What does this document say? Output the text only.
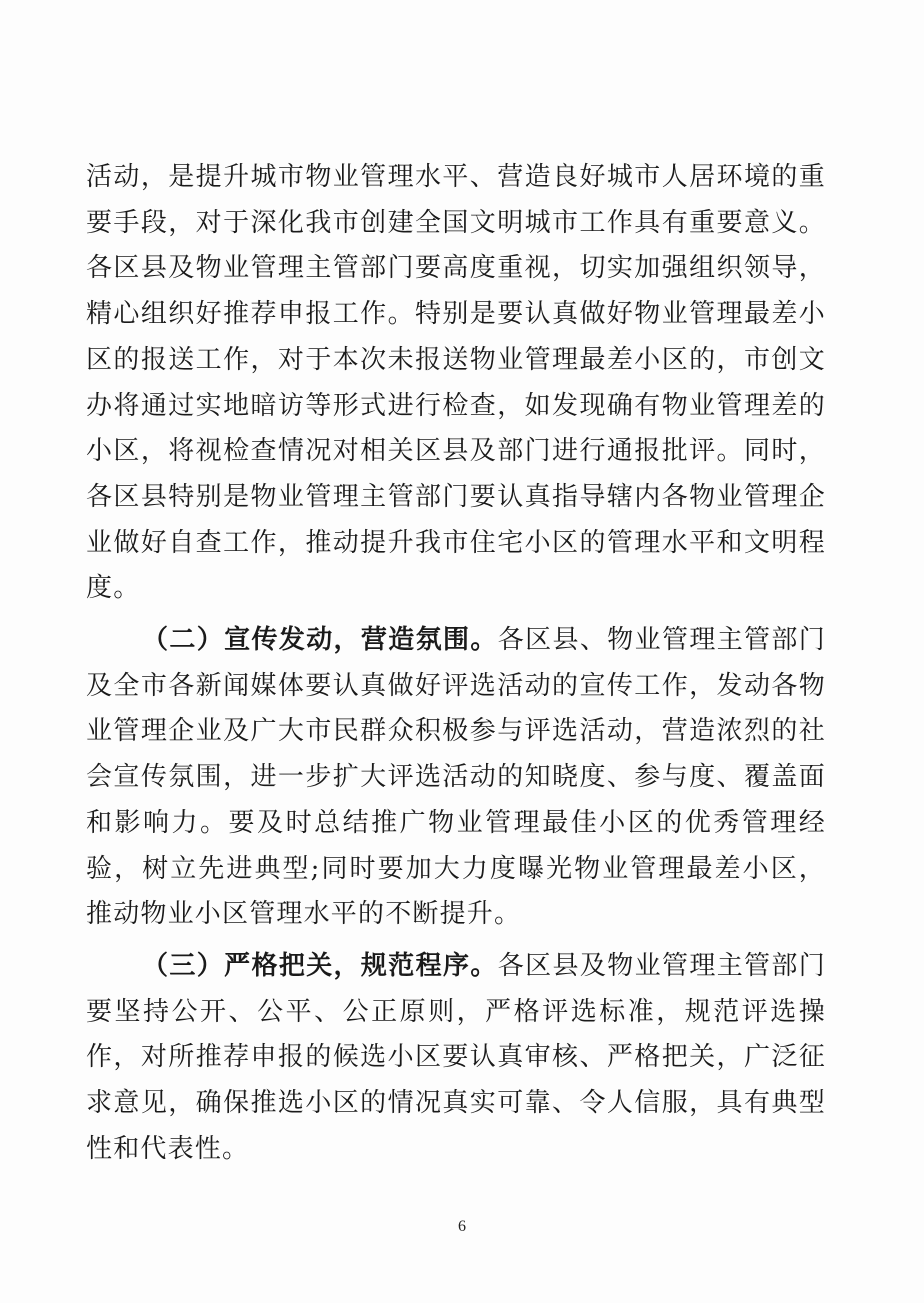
活动，是提升城市物业管理水平、营造良好城市人居环境的重要手段，对于深化我市创建全国文明城市工作具有重要意义。各区县及物业管理主管部门要高度重视，切实加强组织领导，精心组织好推荐申报工作。特别是要认真做好物业管理最差小区的报送工作，对于本次未报送物业管理最差小区的，市创文办将通过实地暗访等形式进行检查，如发现确有物业管理差的小区，将视检查情况对相关区县及部门进行通报批评。同时，各区县特别是物业管理主管部门要认真指导辖内各物业管理企业做好自查工作，推动提升我市住宅小区的管理水平和文明程度。

（二）宣传发动，营造氛围。各区县、物业管理主管部门及全市各新闻媒体要认真做好评选活动的宣传工作，发动各物业管理企业及广大市民群众积极参与评选活动，营造浓烈的社会宣传氛围，进一步扩大评选活动的知晓度、参与度、覆盖面和影响力。要及时总结推广物业管理最佳小区的优秀管理经验，树立先进典型;同时要加大力度曝光物业管理最差小区，推动物业小区管理水平的不断提升。

（三）严格把关，规范程序。各区县及物业管理主管部门要坚持公开、公平、公正原则，严格评选标准，规范评选操作，对所推荐申报的候选小区要认真审核、严格把关，广泛征求意见，确保推选小区的情况真实可靠、令人信服，具有典型性和代表性。

6
